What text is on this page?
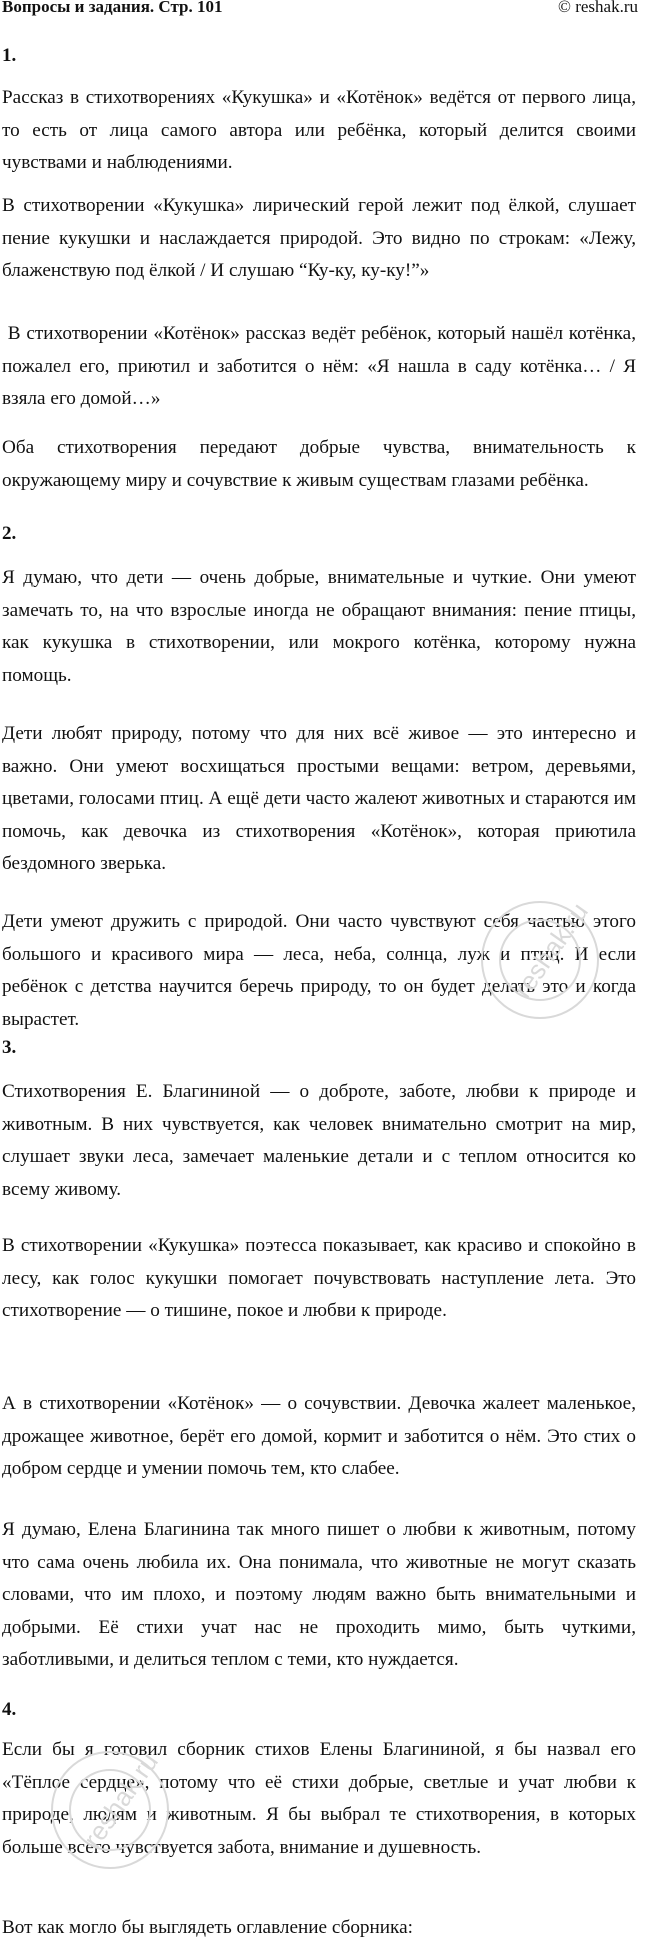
Вопросы и задания. Стр. 101	© reshak.ru
1.

Рассказ в стихотворениях «Кукушка» и «Котёнок» ведётся от первого лица, то есть от лица самого автора или ребёнка, который делится своими чувствами и наблюдениями.

В стихотворении «Кукушка» лирический герой лежит под ёлкой, слушает пение кукушки и наслаждается природой. Это видно по строкам: «Лежу, блаженствую под ёлкой / И слушаю “Ку-ку, ку-ку!”»

В стихотворении «Котёнок» рассказ ведёт ребёнок, который нашёл котёнка, пожалел его, приютил и заботится о нём: «Я нашла в саду котёнка… / Я взяла его домой…»

Оба стихотворения передают добрые чувства, внимательность к окружающему миру и сочувствие к живым существам глазами ребёнка.

2.

Я думаю, что дети — очень добрые, внимательные и чуткие. Они умеют замечать то, на что взрослые иногда не обращают внимания: пение птицы, как кукушка в стихотворении, или мокрого котёнка, которому нужна помощь.

Дети любят природу, потому что для них всё живое — это интересно и важно. Они умеют восхищаться простыми вещами: ветром, деревьями, цветами, голосами птиц. А ещё дети часто жалеют животных и стараются им помочь, как девочка из стихотворения «Котёнок», которая приютила бездомного зверька.

Дети умеют дружить с природой. Они часто чувствуют себя частью этого большого и красивого мира — леса, неба, солнца, луж и птиц. И если ребёнок с детства научится беречь природу, то он будет делать это и когда вырастет.

3.

Стихотворения Е. Благининой — о доброте, заботе, любви к природе и животным. В них чувствуется, как человек внимательно смотрит на мир, слушает звуки леса, замечает маленькие детали и с теплом относится ко всему живому.

В стихотворении «Кукушка» поэтесса показывает, как красиво и спокойно в лесу, как голос кукушки помогает почувствовать наступление лета. Это стихотворение — о тишине, покое и любви к природе.

А в стихотворении «Котёнок» — о сочувствии. Девочка жалеет маленькое, дрожащее животное, берёт его домой, кормит и заботится о нём. Это стих о добром сердце и умении помочь тем, кто слабее.

Я думаю, Елена Благинина так много пишет о любви к животным, потому что сама очень любила их. Она понимала, что животные не могут сказать словами, что им плохо, и поэтому людям важно быть внимательными и добрыми. Её стихи учат нас не проходить мимо, быть чуткими, заботливыми, и делиться теплом с теми, кто нуждается.

4.

Если бы я готовил сборник стихов Елены Благининой, я бы назвал его «Тёплое сердце», потому что её стихи добрые, светлые и учат любви к природе, людям и животным. Я бы выбрал те стихотворения, в которых больше всего чувствуется забота, внимание и душевность.

Вот как могло бы выглядеть оглавление сборника:

reshak.ru
reshak.ru
